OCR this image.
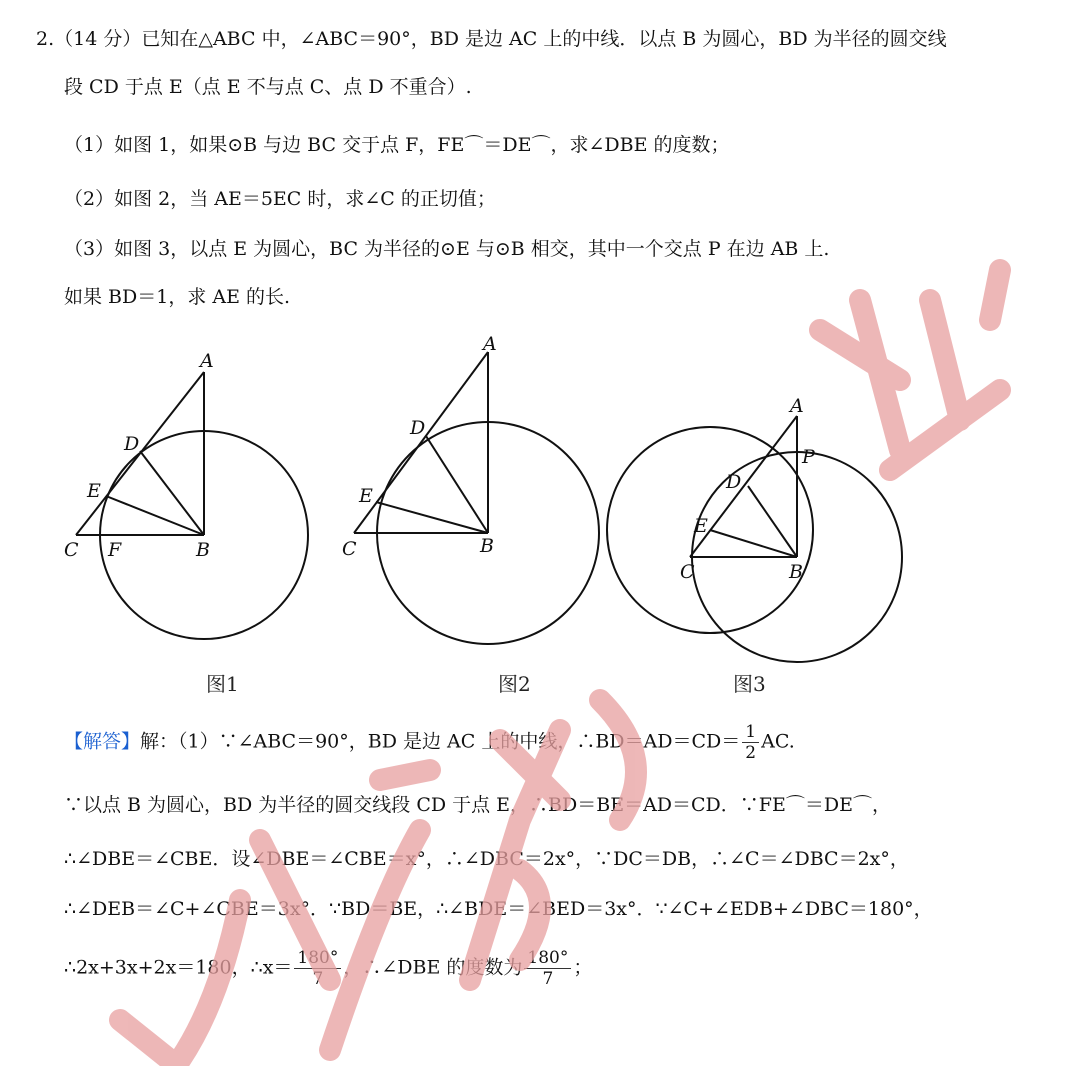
2.（14 分）已知在△ABC 中，∠ABC＝90°，BD 是边 AC 上的中线．以点 B 为圆心，BD 为半径的圆交线
段 CD 于点 E（点 E 不与点 C、点 D 不重合）.
（1）如图 1，如果⊙B 与边 BC 交于点 F，FE⌒＝DE⌒，求∠DBE 的度数；
（2）如图 2，当 AE＝5EC 时，求∠C 的正切值；
（3）如图 3，以点 E 为圆心，BC 为半径的⊙E 与⊙B 相交，其中一个交点 P 在边 AB 上.
如果 BD＝1，求 AE 的长.
A
B
C
D
E
F
A
B
C
D
E
A
B
C
D
E
P
图1	图2	图3
【解答】解：（1）∵∠ABC＝90°，BD 是边 AC 上的中线，∴BD＝AD＝CD＝ $\frac{1}{2}$ AC.
∵以点 B 为圆心，BD 为半径的圆交线段 CD 于点 E，∴BD＝BE＝AD＝CD．∵FE⌒＝DE⌒，
∴∠DBE＝∠CBE．设∠DBE＝∠CBE＝x°，∴∠DBC＝2x°，∵DC＝DB，∴∠C＝∠DBC＝2x°，
∴∠DEB＝∠C+∠CBE＝3x°．∵BD＝BE，∴∠BDE＝∠BED＝3x°．∵∠C+∠EDB+∠DBC＝180°，
∴2x+3x+2x＝180，∴x＝ $\frac{180^\circ}{7}$ ，∴∠DBE 的度数为 $\frac{180^\circ}{7}$ ；
